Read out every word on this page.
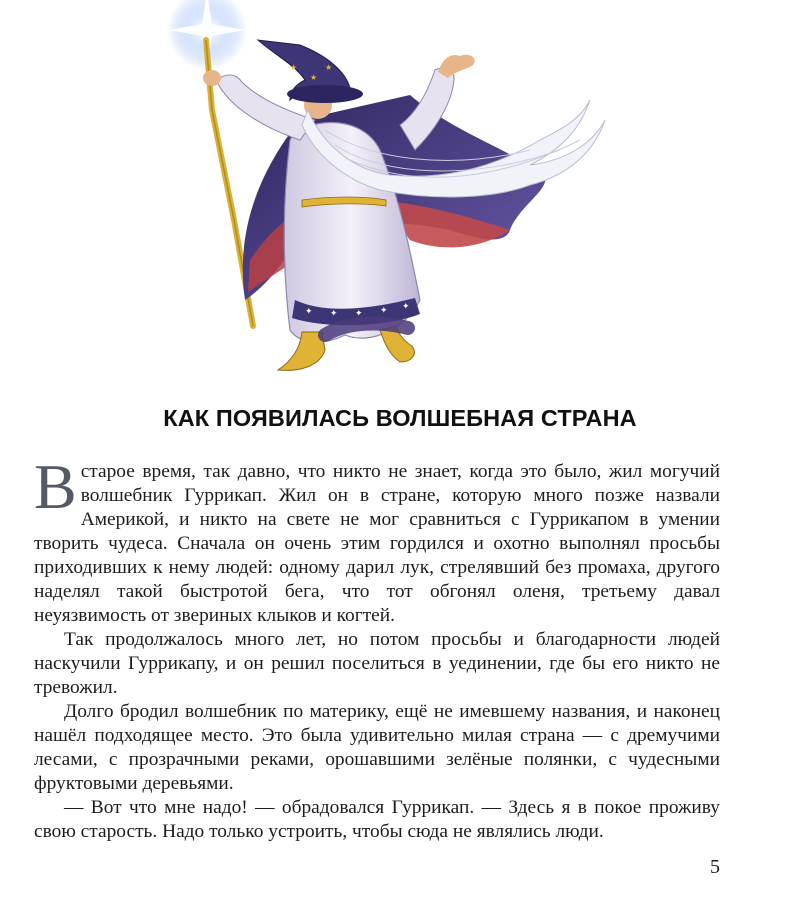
✦ ✦ ✦ ✦ ✦
★
★
★
КАК ПОЯВИЛАСЬ ВОЛШЕБНАЯ СТРАНА

Встарое время, так давно, что никто не знает, когда это было, жил могучий волшебник Гуррикап. Жил он в стране, которую много позже назвали Америкой, и никто на свете не мог сравниться с Гуррикапом в умении творить чудеса. Сначала он очень этим гордился и охотно выполнял просьбы приходивших к нему людей: одному дарил лук, стрелявший без промаха, другого наделял такой быстротой бега, что тот обгонял оленя, третьему давал неуязвимость от звериных клыков и когтей.

Так продолжалось много лет, но потом просьбы и благодарности людей наскучили Гуррикапу, и он решил поселиться в уединении, где бы его никто не тревожил.

Долго бродил волшебник по материку, ещё не имевшему названия, и наконец нашёл подходящее место. Это была удивительно милая страна — с дремучими лесами, с прозрачными реками, орошавшими зелёные полянки, с чудесными фруктовыми деревьями.

— Вот что мне надо! — обрадовался Гуррикап. — Здесь я в покое проживу свою старость. Надо только устроить, чтобы сюда не являлись люди.

5
